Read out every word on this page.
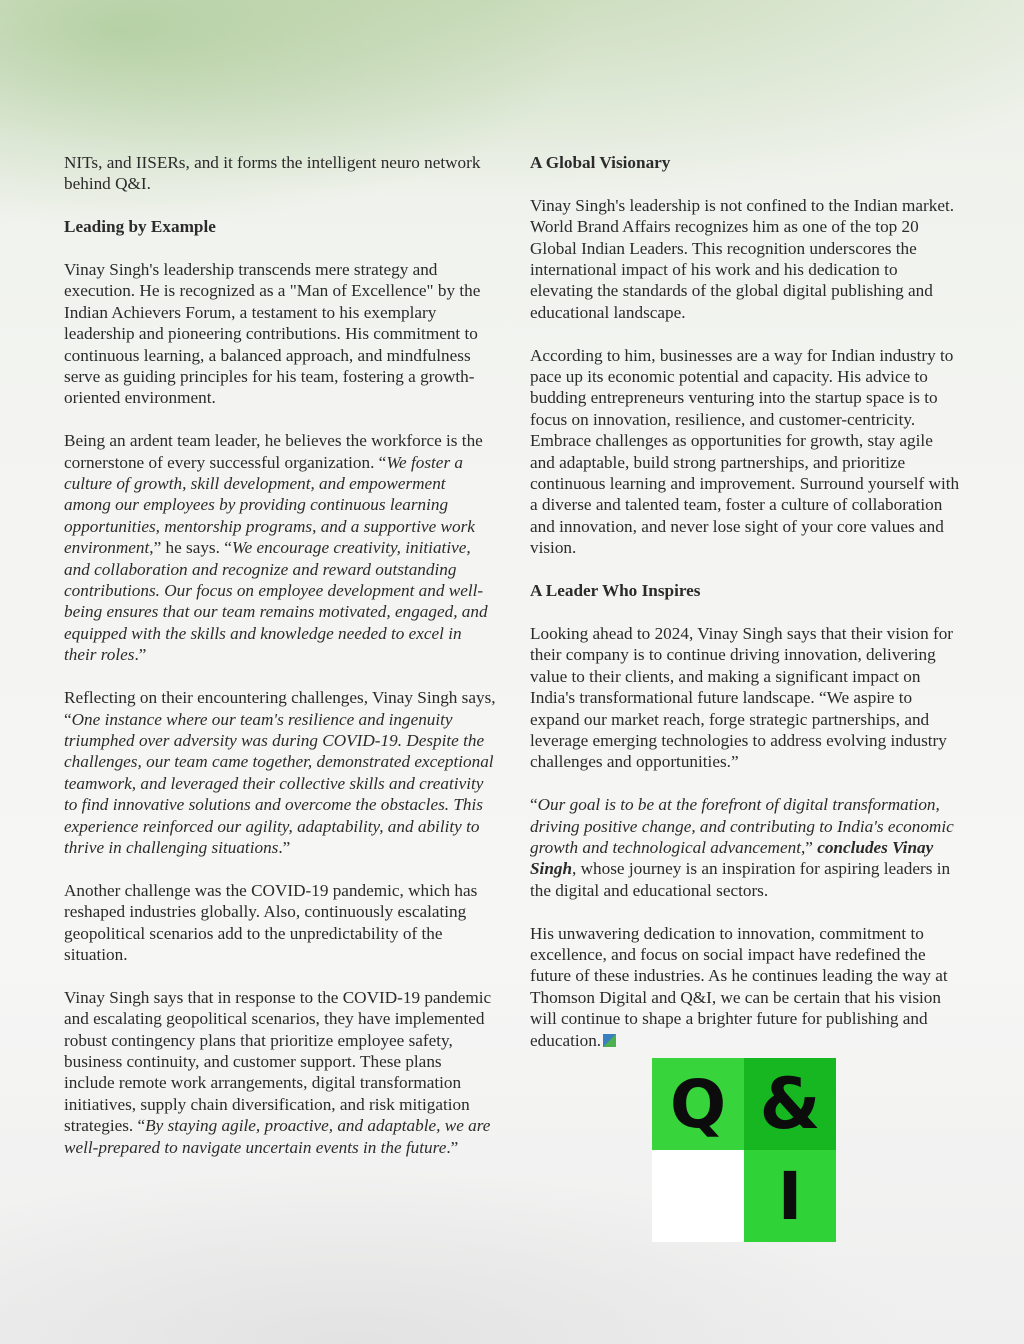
NITs, and IISERs, and it forms the intelligent neuro network behind Q&I.

Leading by Example

Vinay Singh's leadership transcends mere strategy and execution. He is recognized as a "Man of Excellence" by the Indian Achievers Forum, a testament to his exemplary leadership and pioneering contributions. His commitment to continuous learning, a balanced approach, and mindfulness serve as guiding principles for his team, fostering a growth-oriented environment.

Being an ardent team leader, he believes the workforce is the cornerstone of every successful organization. “We foster a culture of growth, skill development, and empowerment among our employees by providing continuous learning opportunities, mentorship programs, and a supportive work environment,” he says. “We encourage creativity, initiative, and collaboration and recognize and reward outstanding contributions. Our focus on employee development and well-being ensures that our team remains motivated, engaged, and equipped with the skills and knowledge needed to excel in their roles.”

Reflecting on their encountering challenges, Vinay Singh says, “One instance where our team's resilience and ingenuity triumphed over adversity was during COVID-19. Despite the challenges, our team came together, demonstrated exceptional teamwork, and leveraged their collective skills and creativity to find innovative solutions and overcome the obstacles. This experience reinforced our agility, adaptability, and ability to thrive in challenging situations.”

Another challenge was the COVID-19 pandemic, which has reshaped industries globally. Also, continuously escalating geopolitical scenarios add to the unpredictability of the situation.

Vinay Singh says that in response to the COVID-19 pandemic and escalating geopolitical scenarios, they have implemented robust contingency plans that prioritize employee safety, business continuity, and customer support. These plans include remote work arrangements, digital transformation initiatives, supply chain diversification, and risk mitigation strategies. “By staying agile, proactive, and adaptable, we are well-prepared to navigate uncertain events in the future.”

A Global Visionary

Vinay Singh's leadership is not confined to the Indian market. World Brand Affairs recognizes him as one of the top 20 Global Indian Leaders. This recognition underscores the international impact of his work and his dedication to elevating the standards of the global digital publishing and educational landscape.

According to him, businesses are a way for Indian industry to pace up its economic potential and capacity. His advice to budding entrepreneurs venturing into the startup space is to focus on innovation, resilience, and customer-centricity. Embrace challenges as opportunities for growth, stay agile and adaptable, build strong partnerships, and prioritize continuous learning and improvement. Surround yourself with a diverse and talented team, foster a culture of collaboration and innovation, and never lose sight of your core values and vision.

A Leader Who Inspires

Looking ahead to 2024, Vinay Singh says that their vision for their company is to continue driving innovation, delivering value to their clients, and making a significant impact on India's transformational future landscape. “We aspire to expand our market reach, forge strategic partnerships, and leverage emerging technologies to address evolving industry challenges and opportunities.”

“Our goal is to be at the forefront of digital transformation, driving positive change, and contributing to India's economic growth and technological advancement,” concludes Vinay Singh, whose journey is an inspiration for aspiring leaders in the digital and educational sectors.

His unwavering dedication to innovation, commitment to excellence, and focus on social impact have redefined the future of these industries. As he continues leading the way at Thomson Digital and Q&I, we can be certain that his vision will continue to shape a brighter future for publishing and education.

Q &
I
